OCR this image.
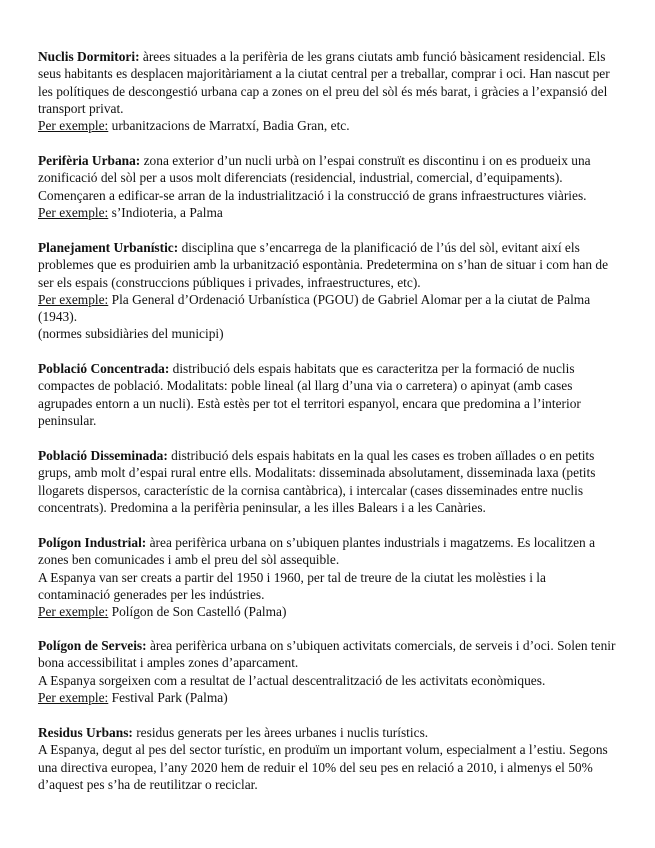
Nuclis Dormitori: àrees situades a la perifèria de les grans ciutats amb funció bàsicament residencial. Els seus habitants es desplacen majoritàriament a la ciutat central per a treballar, comprar i oci. Han nascut per les polítiques de descongestió urbana cap a zones on el preu del sòl és més barat, i gràcies a l’expansió del transport privat.

Per exemple: urbanitzacions de Marratxí, Badia Gran, etc.

Perifèria Urbana: zona exterior d’un nucli urbà on l’espai construït es discontinu i on es produeix una zonificació del sòl per a usos molt diferenciats (residencial, industrial, comercial, d’equipaments). Començaren a edificar-se arran de la industrialització i la construcció de grans infraestructures viàries.

Per exemple: s’Indioteria, a Palma

Planejament Urbanístic: disciplina que s’encarrega de la planificació de l’ús del sòl, evitant així els problemes que es produirien amb la urbanització espontània. Predetermina on s’han de situar i com han de ser els espais (construccions públiques i privades, infraestructures, etc).

Per exemple: Pla General d’Ordenació Urbanística (PGOU) de Gabriel Alomar per a la ciutat de Palma (1943).

(normes subsidiàries del municipi)

Població Concentrada: distribució dels espais habitats que es caracteritza per la formació de nuclis compactes de població. Modalitats: poble lineal (al llarg d’una via o carretera) o apinyat (amb cases agrupades entorn a un nucli). Està estès per tot el territori espanyol, encara que predomina a l’interior peninsular.

Població Disseminada: distribució dels espais habitats en la qual les cases es troben aïllades o en petits grups, amb molt d’espai rural entre ells. Modalitats: disseminada absolutament, disseminada laxa (petits llogarets dispersos, característic de la cornisa cantàbrica), i intercalar (cases disseminades entre nuclis concentrats). Predomina a la perifèria peninsular, a les illes Balears i a les Canàries.

Polígon Industrial: àrea perifèrica urbana on s’ubiquen plantes industrials i magatzems. Es localitzen a zones ben comunicades i amb el preu del sòl assequible.

A Espanya van ser creats a partir del 1950 i 1960, per tal de treure de la ciutat les molèsties i la contaminació generades per les indústries.

Per exemple: Polígon de Son Castelló (Palma)

Polígon de Serveis: àrea perifèrica urbana on s’ubiquen activitats comercials, de serveis i d’oci. Solen tenir bona accessibilitat i amples zones d’aparcament.

A Espanya sorgeixen com a resultat de l’actual descentralització de les activitats econòmiques.

Per exemple: Festival Park (Palma)

Residus Urbans: residus generats per les àrees urbanes i nuclis turístics.

A Espanya, degut al pes del sector turístic, en produïm un important volum, especialment a l’estiu. Segons una directiva europea, l’any 2020 hem de reduir el 10% del seu pes en relació a 2010, i almenys el 50% d’aquest pes s’ha de reutilitzar o reciclar.
